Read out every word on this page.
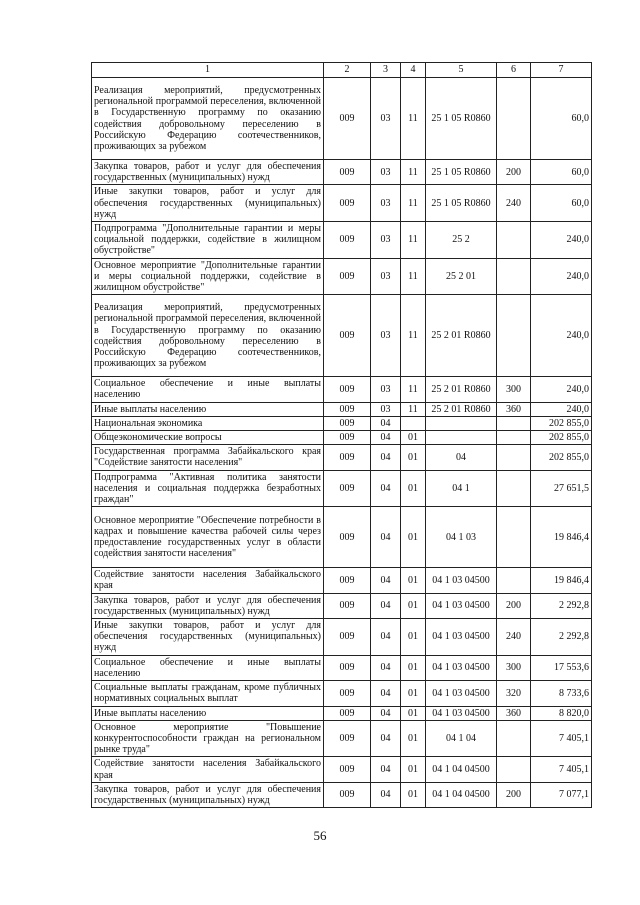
1	2	3	4	5	6	7
Реализация мероприятий, предусмотренных региональной программой переселения, включенной в Государственную программу по оказанию содействия добровольному переселению в Российскую Федерацию соотечественников, проживающих за рубежом	009	03	11	25 1 05 R0860		60,0
Закупка товаров, работ и услуг для обеспечения государственных (муниципальных) нужд	009	03	11	25 1 05 R0860	200	60,0
Иные закупки товаров, работ и услуг для обеспечения государственных (муниципальных) нужд	009	03	11	25 1 05 R0860	240	60,0
Подпрограмма "Дополнительные гарантии и меры социальной поддержки, содействие в жилищном обустройстве"	009	03	11	25 2		240,0
Основное мероприятие "Дополнительные гарантии и меры социальной поддержки, содействие в жилищном обустройстве"	009	03	11	25 2 01		240,0
Реализация мероприятий, предусмотренных региональной программой переселения, включенной в Государственную программу по оказанию содействия добровольному переселению в Российскую Федерацию соотечественников, проживающих за рубежом	009	03	11	25 2 01 R0860		240,0
Социальное обеспечение и иные выплаты населению	009	03	11	25 2 01 R0860	300	240,0
Иные выплаты населению	009	03	11	25 2 01 R0860	360	240,0
Национальная экономика	009	04				202 855,0
Общеэкономические вопросы	009	04	01			202 855,0
Государственная программа Забайкальского края "Содействие занятости населения"	009	04	01	04		202 855,0
Подпрограмма "Активная политика занятости населения и социальная поддержка безработных граждан"	009	04	01	04 1		27 651,5
Основное мероприятие "Обеспечение потребности в кадрах и повышение качества рабочей силы через предоставление государственных услуг в области содействия занятости населения"	009	04	01	04 1 03		19 846,4
Содействие занятости населения Забайкальского края	009	04	01	04 1 03 04500		19 846,4
Закупка товаров, работ и услуг для обеспечения государственных (муниципальных) нужд	009	04	01	04 1 03 04500	200	2 292,8
Иные закупки товаров, работ и услуг для обеспечения государственных (муниципальных) нужд	009	04	01	04 1 03 04500	240	2 292,8
Социальное обеспечение и иные выплаты населению	009	04	01	04 1 03 04500	300	17 553,6
Социальные выплаты гражданам, кроме публичных нормативных социальных выплат	009	04	01	04 1 03 04500	320	8 733,6
Иные выплаты населению	009	04	01	04 1 03 04500	360	8 820,0
Основное мероприятие "Повышение конкурентоспособности граждан на региональном рынке труда"	009	04	01	04 1 04		7 405,1
Содействие занятости населения Забайкальского края	009	04	01	04 1 04 04500		7 405,1
Закупка товаров, работ и услуг для обеспечения государственных (муниципальных) нужд	009	04	01	04 1 04 04500	200	7 077,1
56
